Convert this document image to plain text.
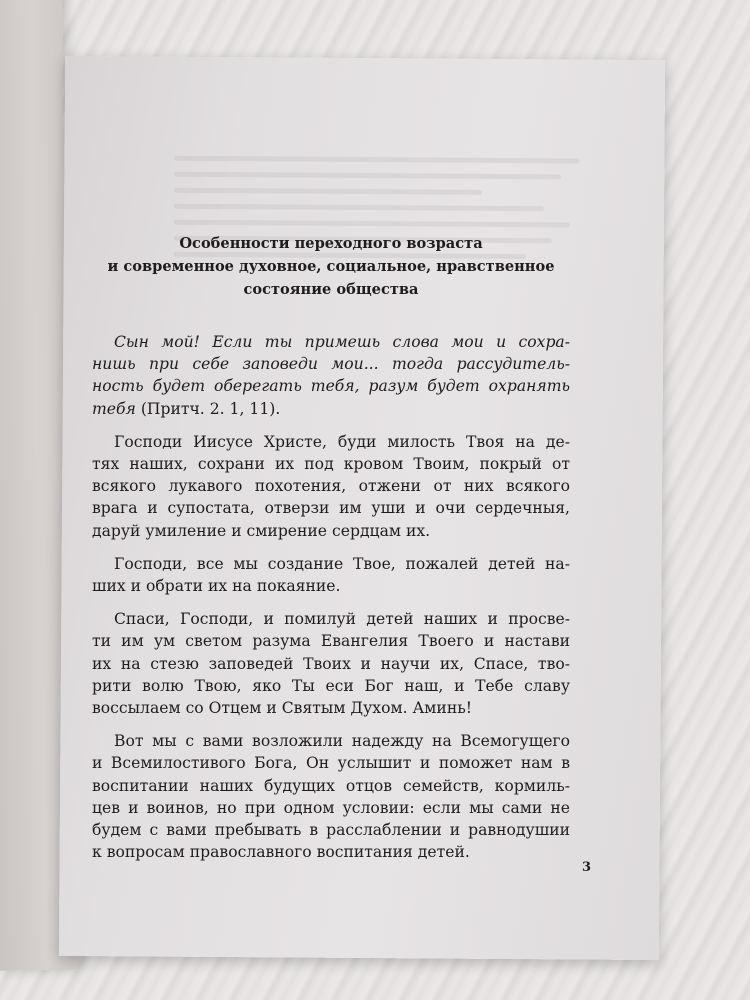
Особенности переходного возраста
и современное духовное, социальное, нравственное
состояние общества
Сын мой! Если ты примешь слова мои и сохра-
нишь при себе заповеди мои... тогда рассудитель-
ность будет оберегать тебя, разум будет охранять
тебя (Притч. 2. 1, 11).
Господи Иисусе Христе, буди милость Твоя на де-
тях наших, сохрани их под кровом Твоим, покрый от
всякого лукавого похотения, отжени от них всякого
врага и супостата, отверзи им уши и очи сердечныя,
даруй умиление и смирение сердцам их.
Господи, все мы создание Твое, пожалей детей на-
ших и обрати их на покаяние.
Спаси, Господи, и помилуй детей наших и просве-
ти им ум светом разума Евангелия Твоего и настави
их на стезю заповедей Твоих и научи их, Спасе, тво-
рити волю Твою, яко Ты еси Бог наш, и Тебе славу
воссылаем со Отцем и Святым Духом. Аминь!
Вот мы с вами возложили надежду на Всемогущего
и Всемилостивого Бога, Он услышит и поможет нам в
воспитании наших будущих отцов семейств, кормиль-
цев и воинов, но при одном условии: если мы сами не
будем с вами пребывать в расслаблении и равнодушии
к вопросам православного воспитания детей.
3
